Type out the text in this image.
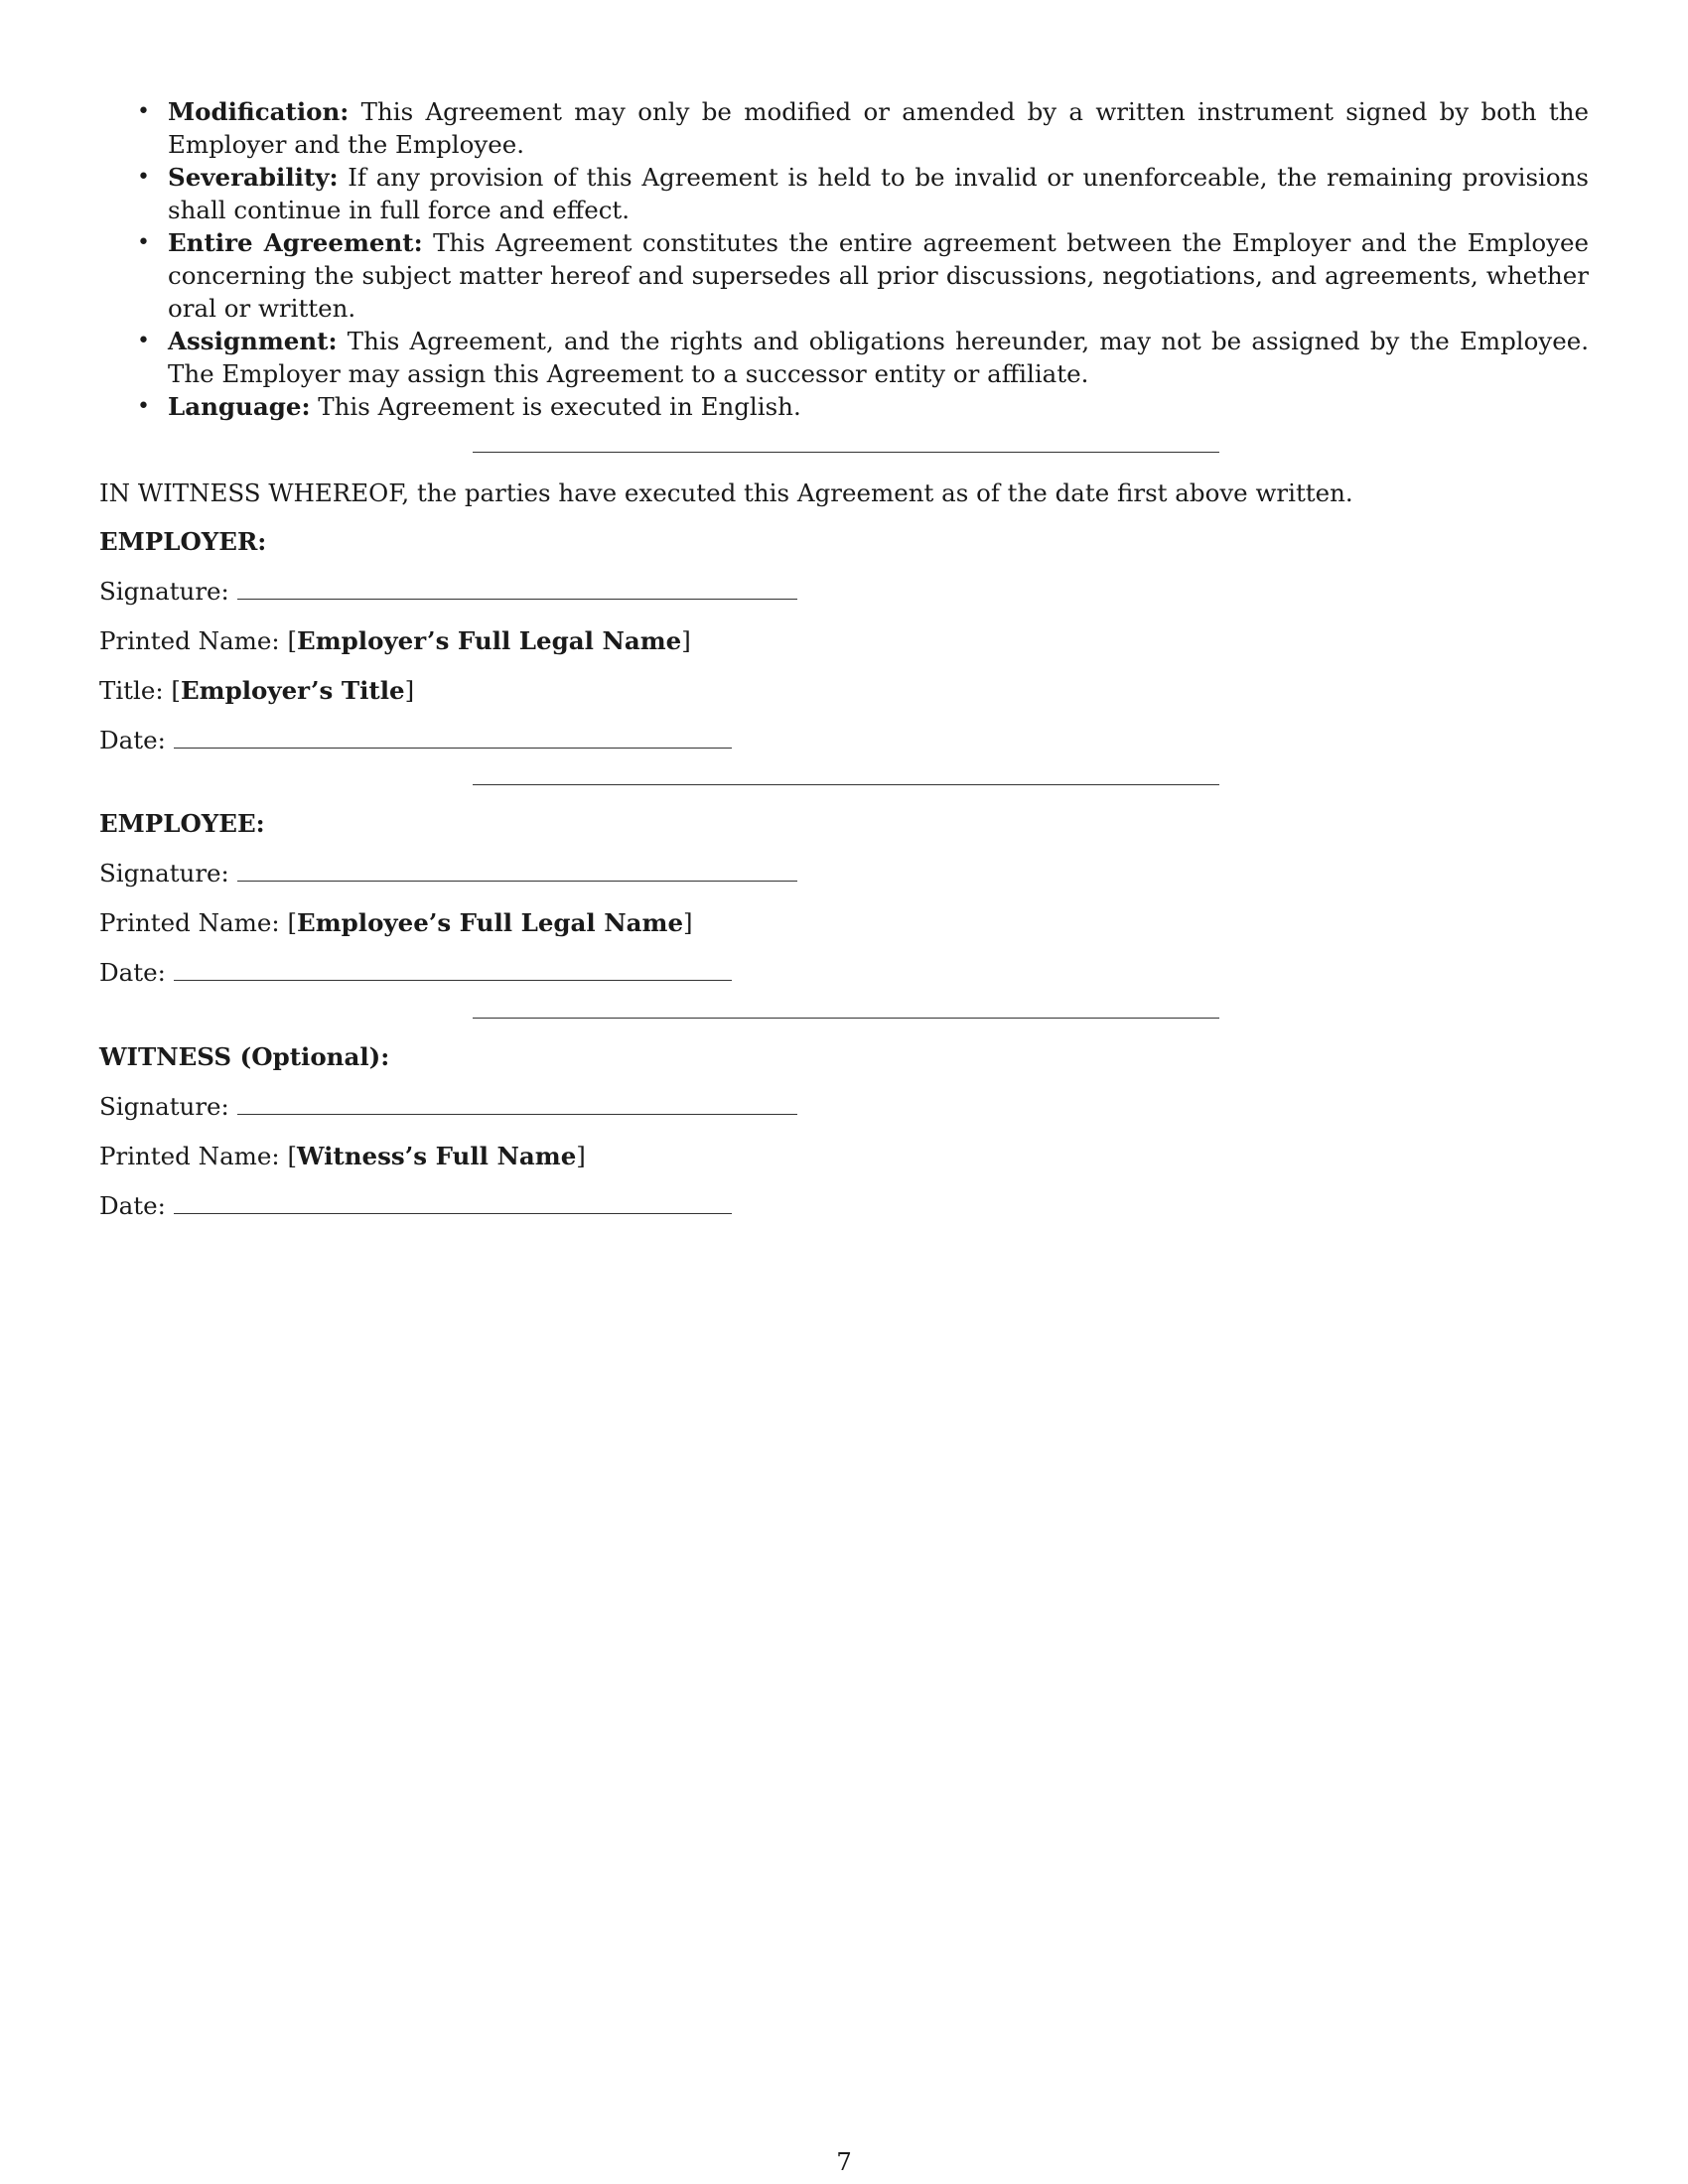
• Modification: This Agreement may only be modified or amended by a written instrument signed by both the Employer and the Employee.
• Severability: If any provision of this Agreement is held to be invalid or unenforceable, the remaining provisions shall continue in full force and effect.
• Entire Agreement: This Agreement constitutes the entire agreement between the Employer and the Employee concerning the subject matter hereof and supersedes all prior discussions, negotiations, and agreements, whether oral or written.
• Assignment: This Agreement, and the rights and obligations hereunder, may not be assigned by the Employee. The Employer may assign this Agreement to a successor entity or affiliate.
• Language: This Agreement is executed in English.

IN WITNESS WHEREOF, the parties have executed this Agreement as of the date first above written.

EMPLOYER:
Signature:
Printed Name: [Employer’s Full Legal Name]
Title: [Employer’s Title]
Date:
EMPLOYEE:
Signature:
Printed Name: [Employee’s Full Legal Name]
Date:
WITNESS (Optional):
Signature:
Printed Name: [Witness’s Full Name]
Date:
7
